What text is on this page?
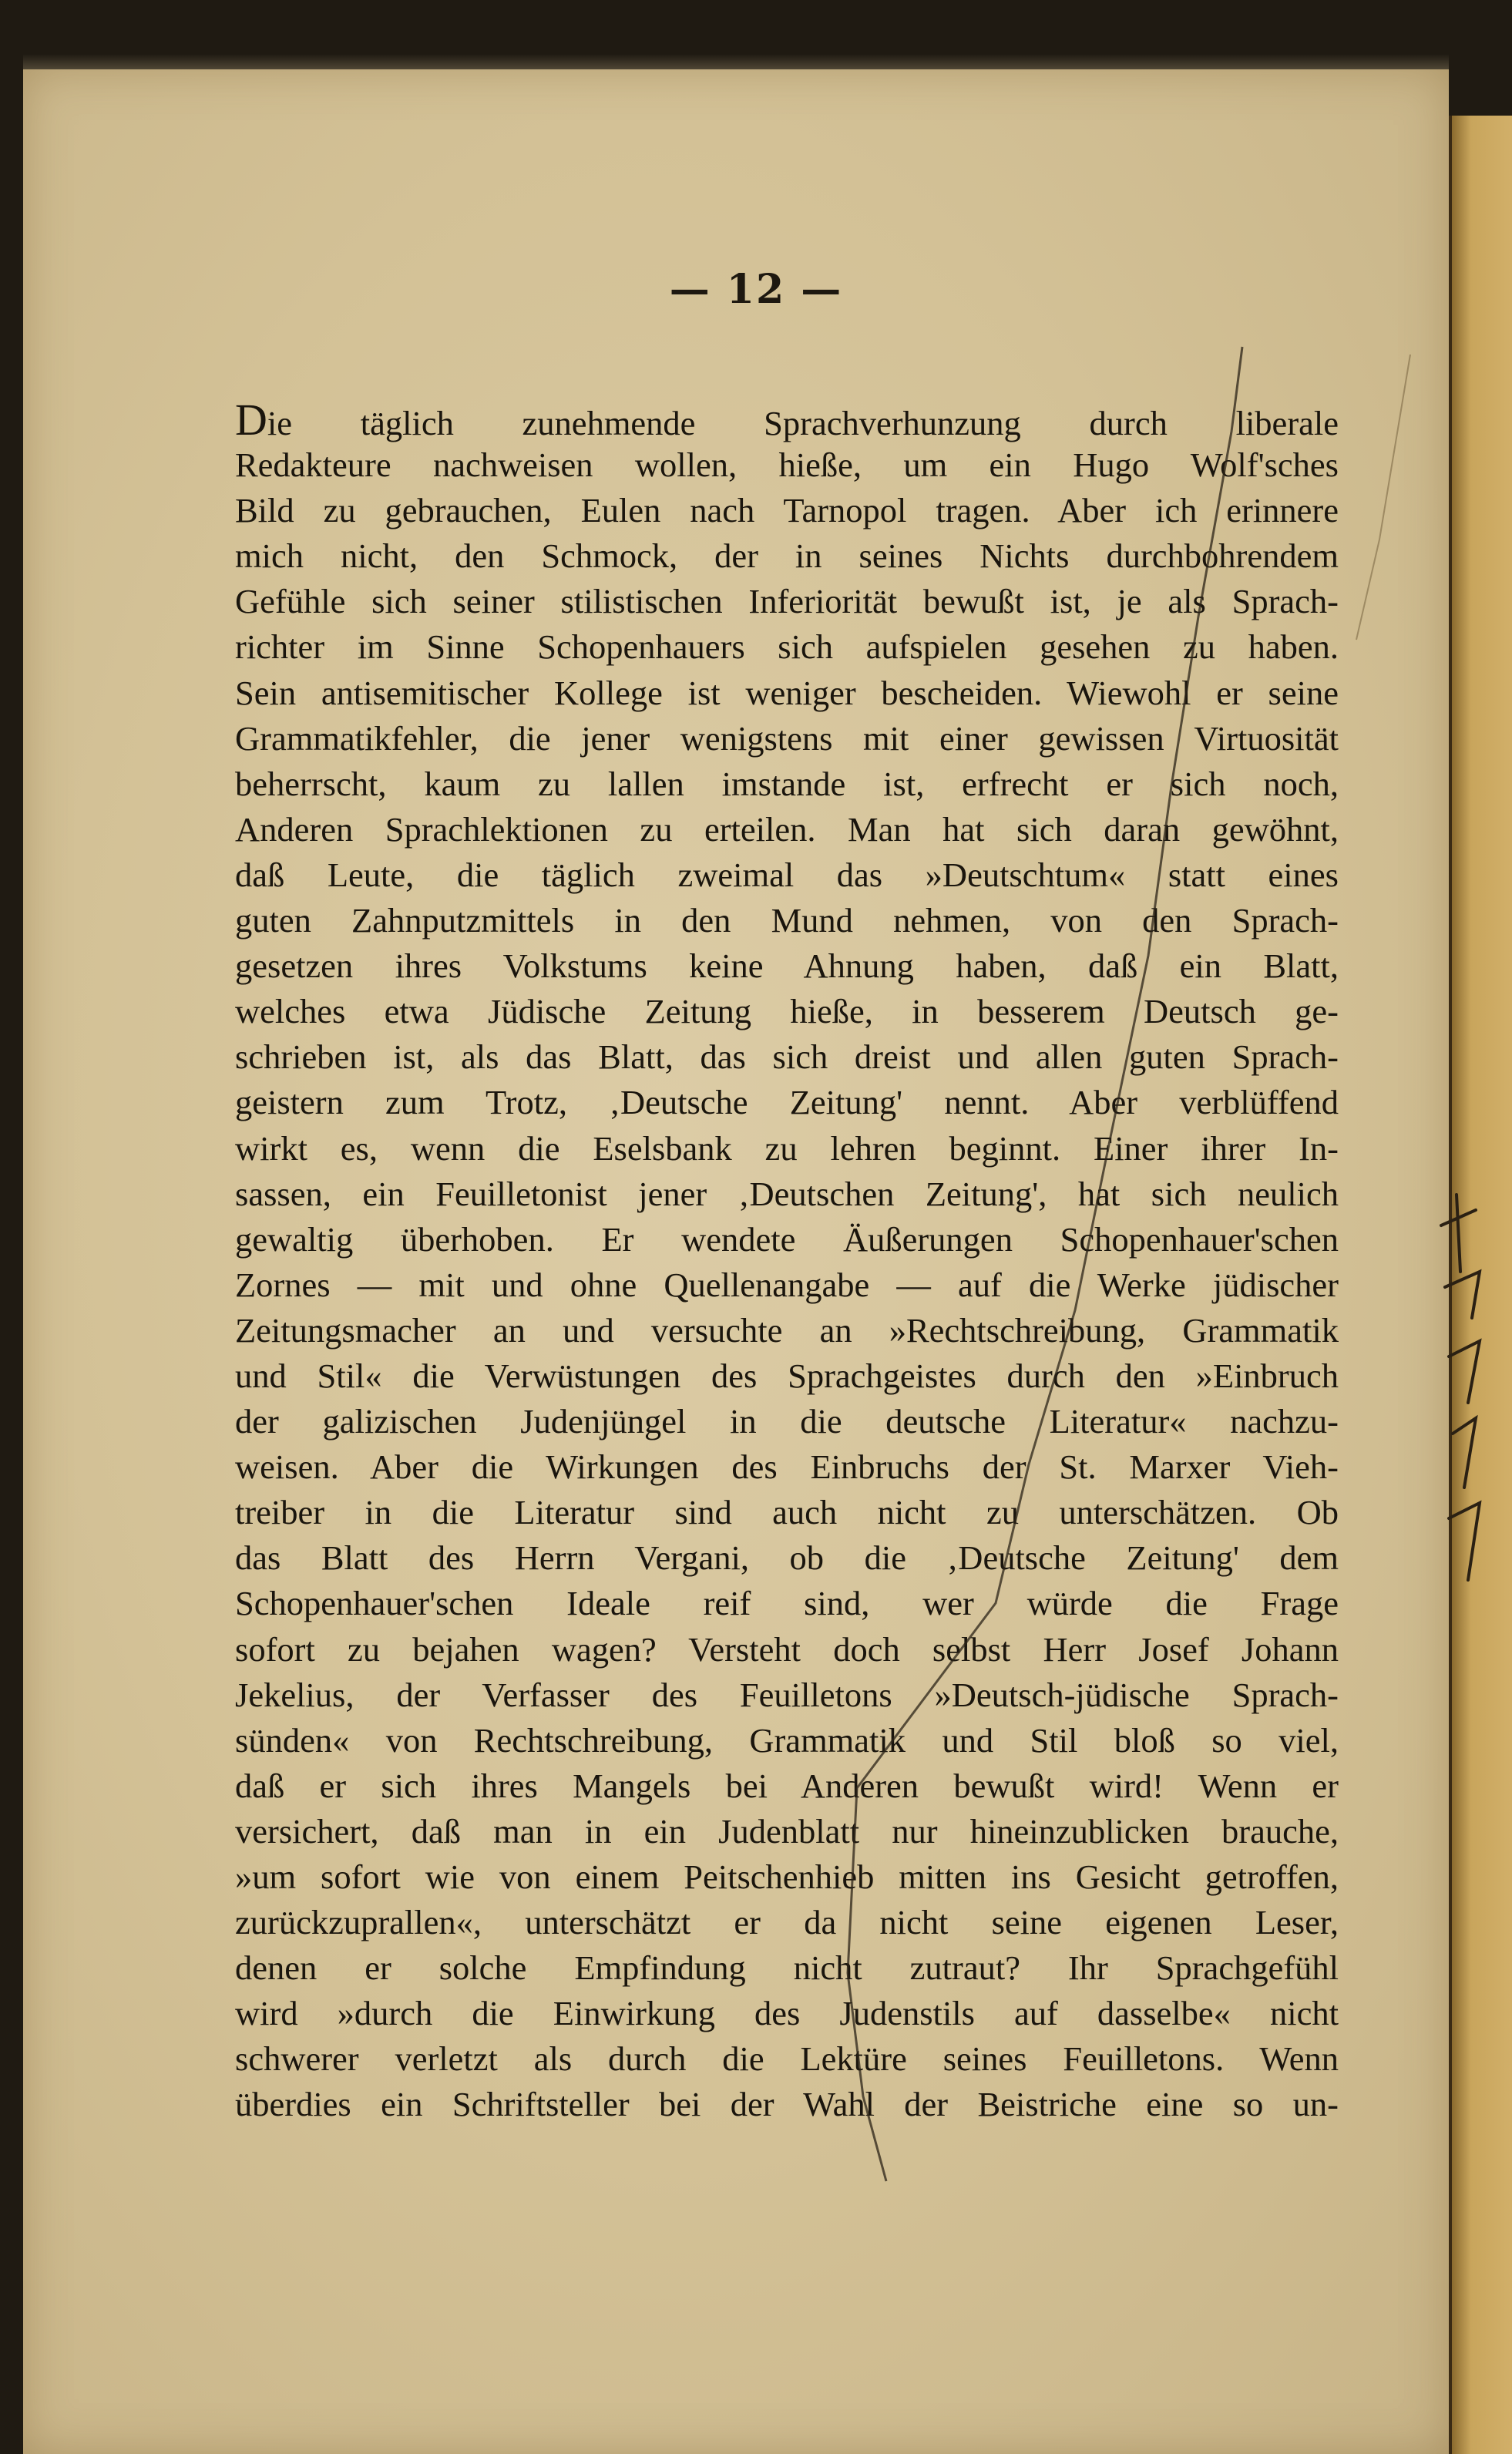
— 12 —
Die täglich zunehmende Sprachverhunzung durch liberale
Redakteure nachweisen wollen, hieße, um ein Hugo Wolf'sches
Bild zu gebrauchen, Eulen nach Tarnopol tragen. Aber ich erinnere
mich nicht, den Schmock, der in seines Nichts durchbohrendem
Gefühle sich seiner stilistischen Inferiorität bewußt ist, je als Sprach-
richter im Sinne Schopenhauers sich aufspielen gesehen zu haben.
Sein antisemitischer Kollege ist weniger bescheiden. Wiewohl er seine
Grammatikfehler, die jener wenigstens mit einer gewissen Virtuosität
beherrscht, kaum zu lallen imstande ist, erfrecht er sich noch,
Anderen Sprachlektionen zu erteilen. Man hat sich daran gewöhnt,
daß Leute, die täglich zweimal das »Deutschtum« statt eines
guten Zahnputzmittels in den Mund nehmen, von den Sprach-
gesetzen ihres Volkstums keine Ahnung haben, daß ein Blatt,
welches etwa Jüdische Zeitung hieße, in besserem Deutsch ge-
schrieben ist, als das Blatt, das sich dreist und allen guten Sprach-
geistern zum Trotz, ‚Deutsche Zeitung' nennt. Aber verblüffend
wirkt es, wenn die Eselsbank zu lehren beginnt. Einer ihrer In-
sassen, ein Feuilletonist jener ‚Deutschen Zeitung', hat sich neulich
gewaltig überhoben. Er wendete Äußerungen Schopenhauer'schen
Zornes — mit und ohne Quellenangabe — auf die Werke jüdischer
Zeitungsmacher an und versuchte an »Rechtschreibung, Grammatik
und Stil« die Verwüstungen des Sprachgeistes durch den »Einbruch
der galizischen Judenjüngel in die deutsche Literatur« nachzu-
weisen. Aber die Wirkungen des Einbruchs der St. Marxer Vieh-
treiber in die Literatur sind auch nicht zu unterschätzen. Ob
das Blatt des Herrn Vergani, ob die ‚Deutsche Zeitung' dem
Schopenhauer'schen Ideale reif sind, wer würde die Frage
sofort zu bejahen wagen? Versteht doch selbst Herr Josef Johann
Jekelius, der Verfasser des Feuilletons »Deutsch-jüdische Sprach-
sünden« von Rechtschreibung, Grammatik und Stil bloß so viel,
daß er sich ihres Mangels bei Anderen bewußt wird! Wenn er
versichert, daß man in ein Judenblatt nur hineinzublicken brauche,
»um sofort wie von einem Peitschenhieb mitten ins Gesicht getroffen,
zurückzuprallen«, unterschätzt er da nicht seine eigenen Leser,
denen er solche Empfindung nicht zutraut? Ihr Sprachgefühl
wird »durch die Einwirkung des Judenstils auf dasselbe« nicht
schwerer verletzt als durch die Lektüre seines Feuilletons. Wenn
überdies ein Schriftsteller bei der Wahl der Beistriche eine so un-
